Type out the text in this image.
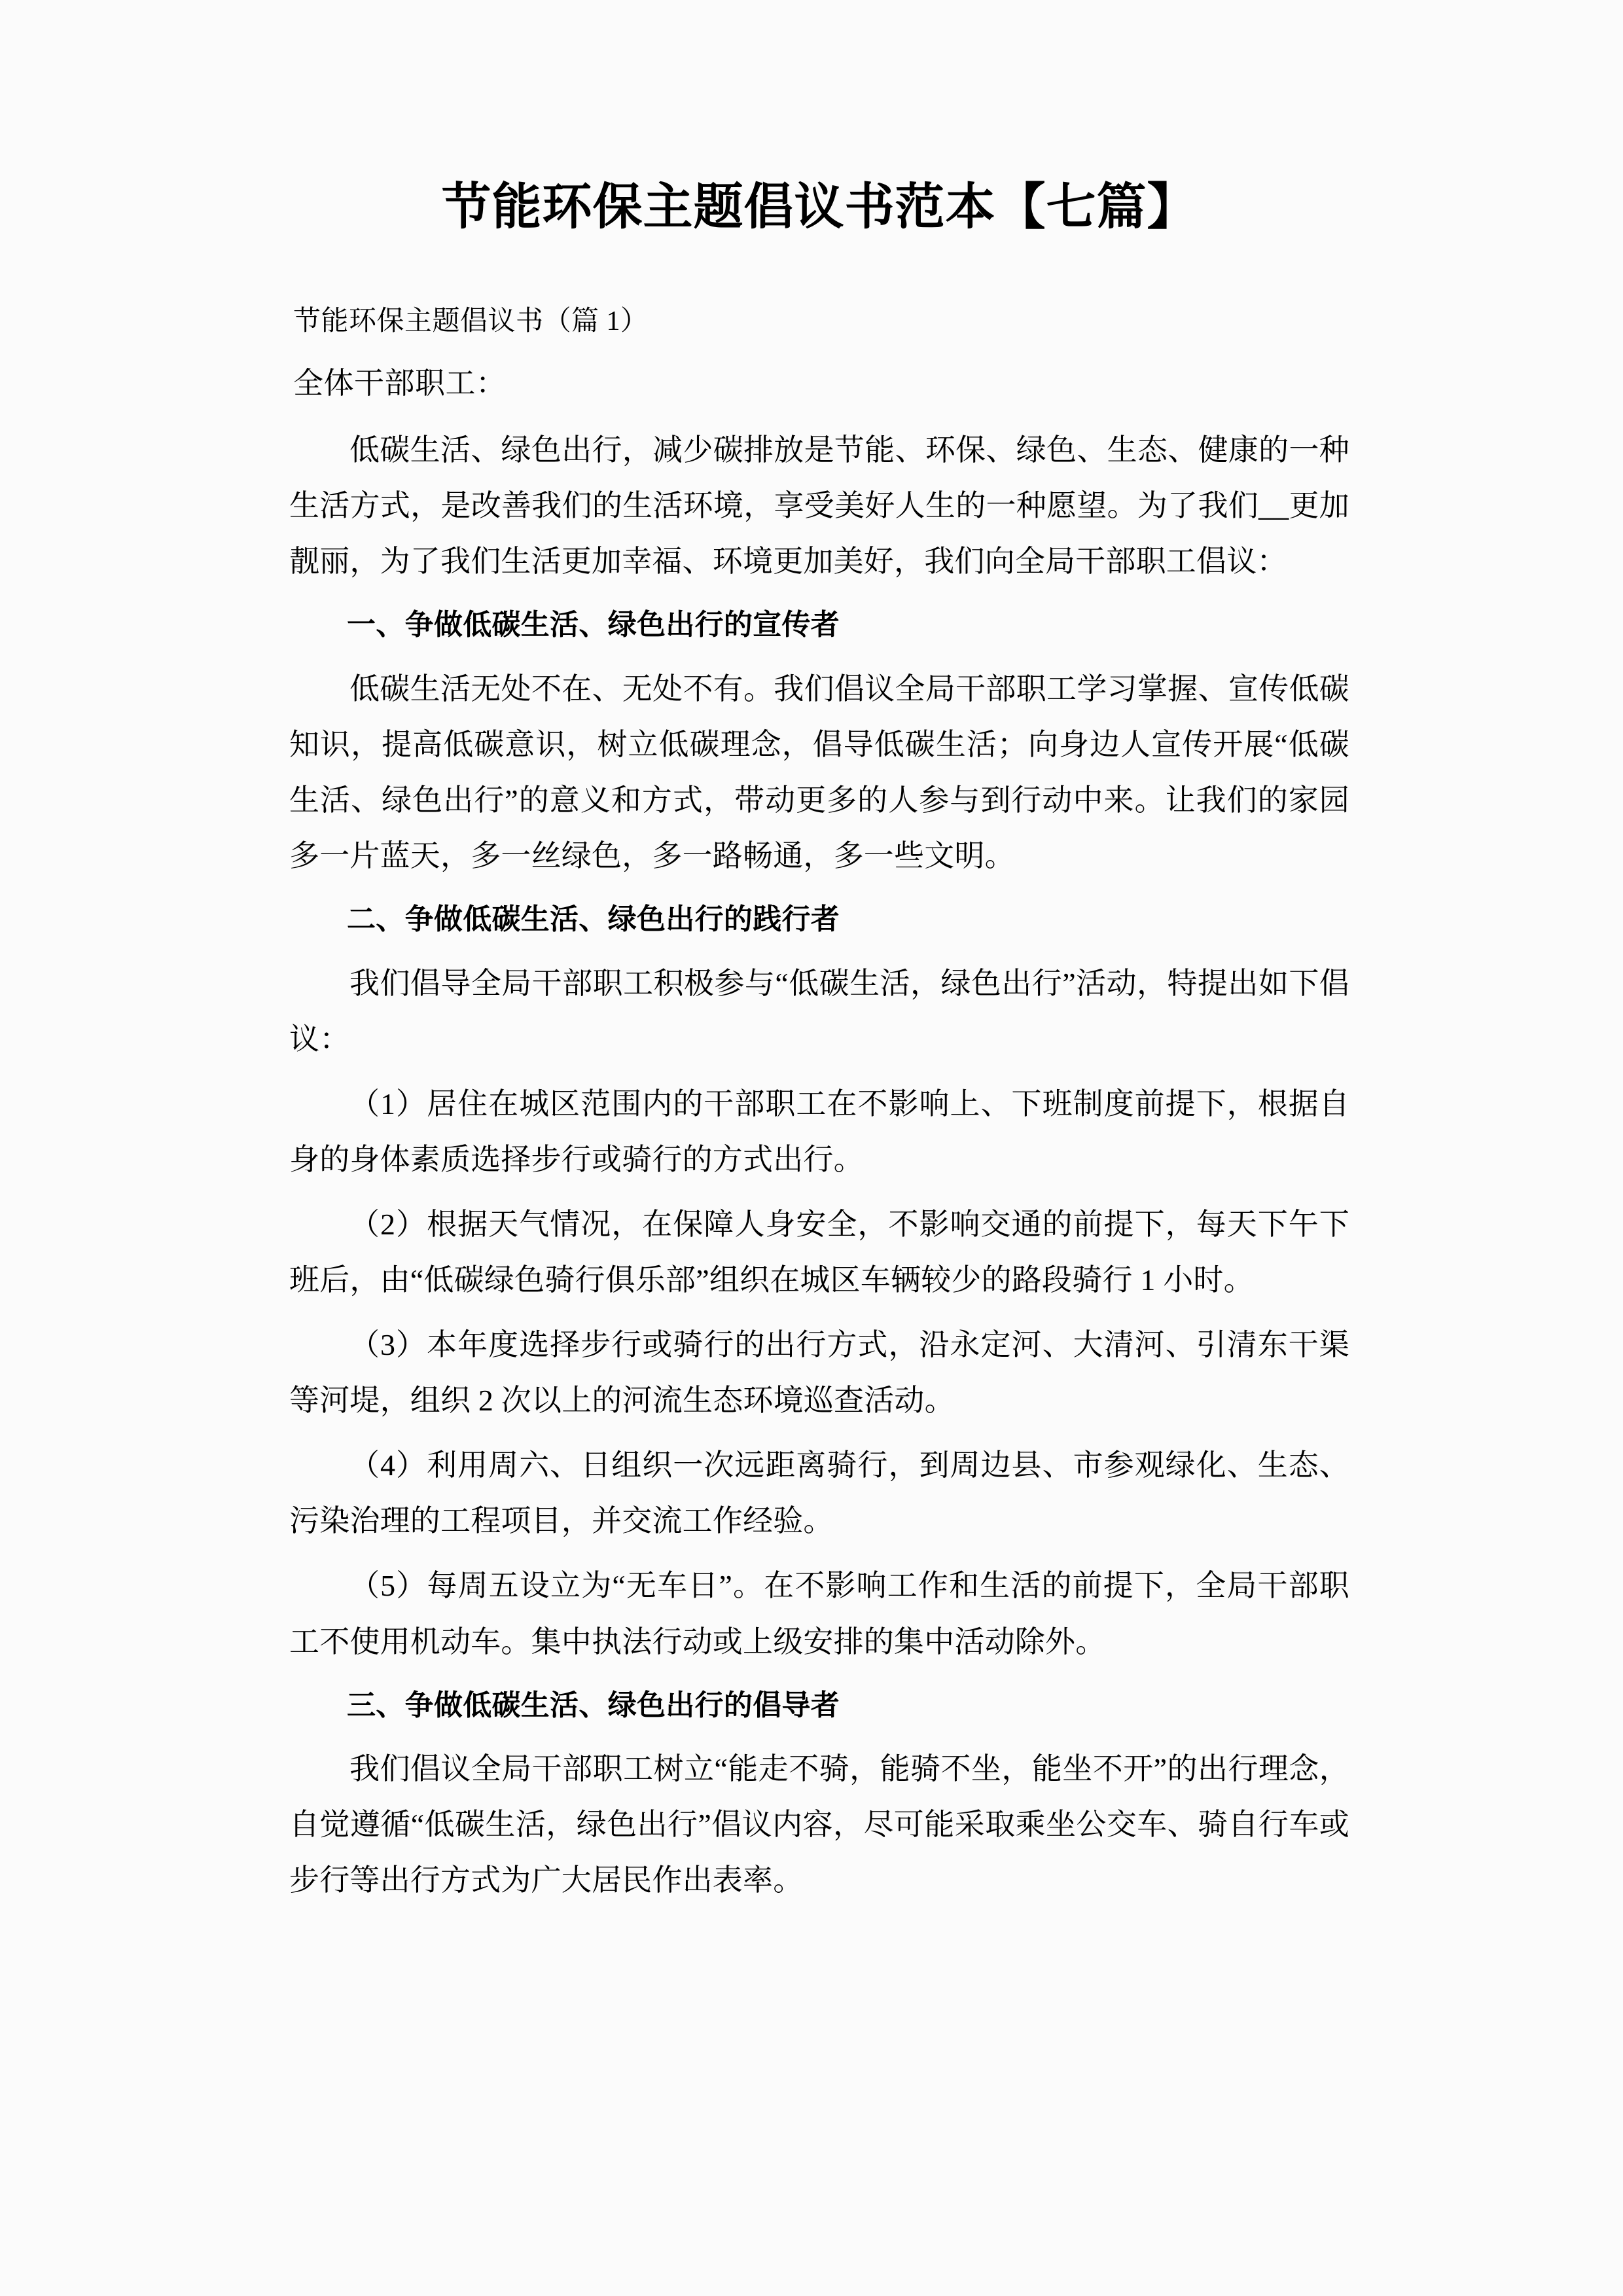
节能环保主题倡议书范本【七篇】

节能环保主题倡议书（篇 1）

全体干部职工：

低碳生活、绿色出行，减少碳排放是节能、环保、绿色、生态、健康的一种生活方式，是改善我们的生活环境，享受美好人生的一种愿望。为了我们__更加靓丽，为了我们生活更加幸福、环境更加美好，我们向全局干部职工倡议：

一、争做低碳生活、绿色出行的宣传者

低碳生活无处不在、无处不有。我们倡议全局干部职工学习掌握、宣传低碳知识，提高低碳意识，树立低碳理念，倡导低碳生活；向身边人宣传开展“低碳生活、绿色出行”的意义和方式，带动更多的人参与到行动中来。让我们的家园多一片蓝天，多一丝绿色，多一路畅通，多一些文明。

二、争做低碳生活、绿色出行的践行者

我们倡导全局干部职工积极参与“低碳生活，绿色出行”活动，特提出如下倡议：

（1）居住在城区范围内的干部职工在不影响上、下班制度前提下，根据自身的身体素质选择步行或骑行的方式出行。

（2）根据天气情况，在保障人身安全，不影响交通的前提下，每天下午下班后，由“低碳绿色骑行俱乐部”组织在城区车辆较少的路段骑行 1 小时。

（3）本年度选择步行或骑行的出行方式，沿永定河、大清河、引清东干渠等河堤，组织 2 次以上的河流生态环境巡查活动。

（4）利用周六、日组织一次远距离骑行，到周边县、市参观绿化、生态、污染治理的工程项目，并交流工作经验。

（5）每周五设立为“无车日”。在不影响工作和生活的前提下，全局干部职工不使用机动车。集中执法行动或上级安排的集中活动除外。

三、争做低碳生活、绿色出行的倡导者

我们倡议全局干部职工树立“能走不骑，能骑不坐，能坐不开”的出行理念，自觉遵循“低碳生活，绿色出行”倡议内容，尽可能采取乘坐公交车、骑自行车或步行等出行方式为广大居民作出表率。
